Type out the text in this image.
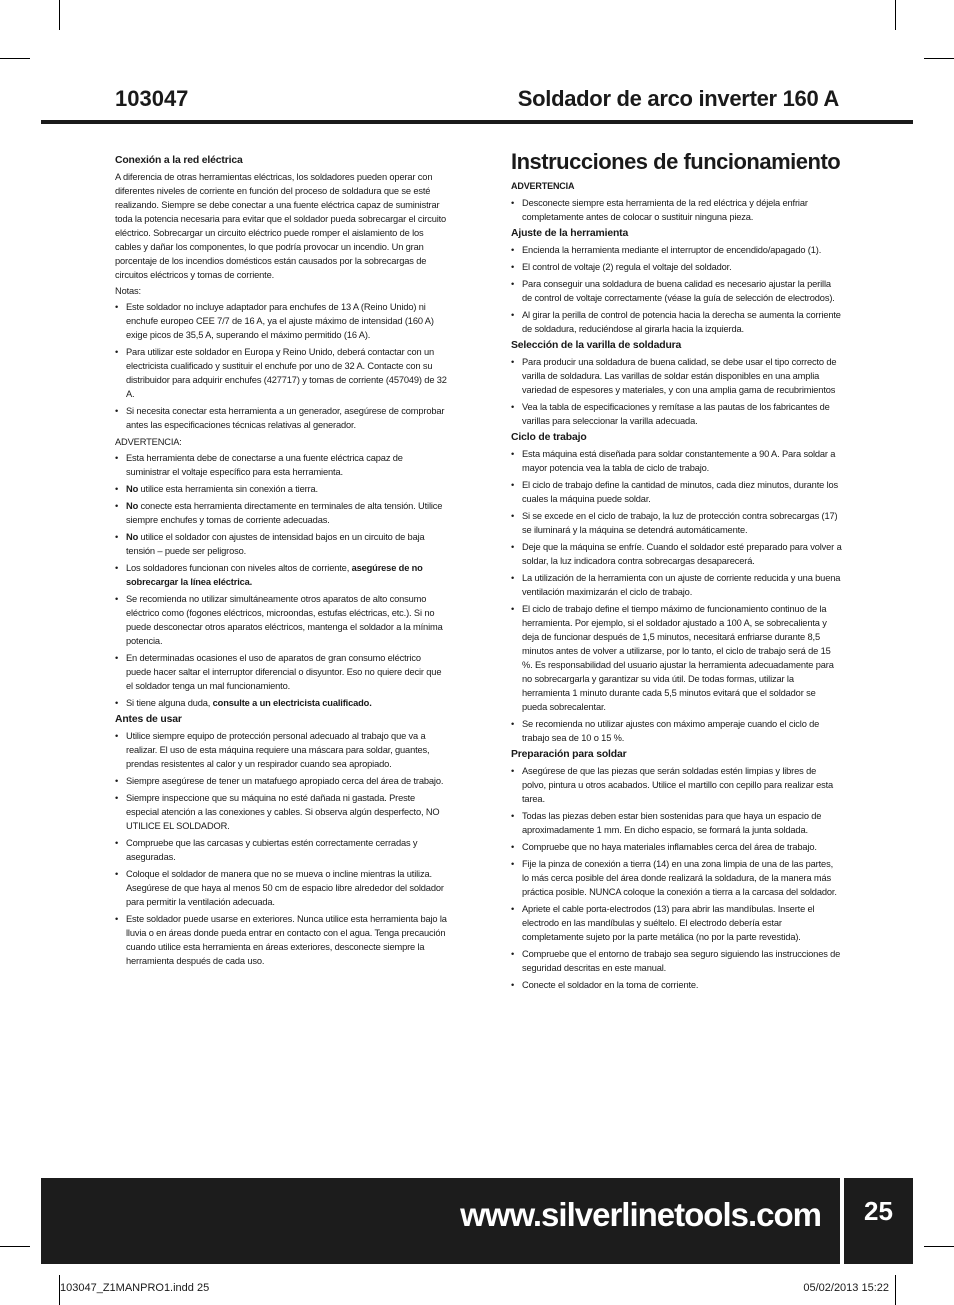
103047	Soldador de arco inverter 160 A
Conexión a la red eléctrica

A diferencia de otras herramientas eléctricas, los soldadores pueden operar con diferentes niveles de corriente en función del proceso de soldadura que se esté realizando. Siempre se debe conectar a una fuente eléctrica capaz de suministrar toda la potencia necesaria para evitar que el soldador pueda sobrecargar el circuito eléctrico. Sobrecargar un circuito eléctrico puede romper el aislamiento de los cables y dañar los componentes, lo que podría provocar un incendio. Un gran porcentaje de los incendios domésticos están causados por la sobrecargas de circuitos eléctricos y tomas de corriente.

Notas:

• Este soldador no incluye adaptador para enchufes de 13 A (Reino Unido) ni enchufe europeo CEE 7/7 de 16 A, ya el ajuste máximo de intensidad (160 A) exige picos de 35,5 A, superando el máximo permitido (16 A).
• Para utilizar este soldador en Europa y Reino Unido, deberá contactar con un electricista cualificado y sustituir el enchufe por uno de 32 A. Contacte con su distribuidor para adquirir enchufes (427717) y tomas de corriente (457049) de 32 A.
• Si necesita conectar esta herramienta a un generador, asegúrese de comprobar antes las especificaciones técnicas relativas al generador.

ADVERTENCIA:

• Esta herramienta debe de conectarse a una fuente eléctrica capaz de suministrar el voltaje específico para esta herramienta.
• No utilice esta herramienta sin conexión a tierra.
• No conecte esta herramienta directamente en terminales de alta tensión. Utilice siempre enchufes y tomas de corriente adecuadas.
• No utilice el soldador con ajustes de intensidad bajos en un circuito de baja tensión – puede ser peligroso.
• Los soldadores funcionan con niveles altos de corriente, asegúrese de no sobrecargar la línea eléctrica.
• Se recomienda no utilizar simultáneamente otros aparatos de alto consumo eléctrico como (fogones eléctricos, microondas, estufas eléctricas, etc.). Si no puede desconectar otros aparatos eléctricos, mantenga el soldador a la mínima potencia.
• En determinadas ocasiones el uso de aparatos de gran consumo eléctrico puede hacer saltar el interruptor diferencial o disyuntor. Eso no quiere decir que el soldador tenga un mal funcionamiento.
• Si tiene alguna duda, consulte a un electricista cualificado.
Antes de usar
• Utilice siempre equipo de protección personal adecuado al trabajo que va a realizar. El uso de esta máquina requiere una máscara para soldar, guantes, prendas resistentes al calor y un respirador cuando sea apropiado.
• Siempre asegúrese de tener un matafuego apropiado cerca del área de trabajo.
• Siempre inspeccione que su máquina no esté dañada ni gastada. Preste especial atención a las conexiones y cables. Si observa algún desperfecto, NO UTILICE EL SOLDADOR.
• Compruebe que las carcasas y cubiertas estén correctamente cerradas y aseguradas.
• Coloque el soldador de manera que no se mueva o incline mientras la utiliza. Asegúrese de que haya al menos 50 cm de espacio libre alrededor del soldador para permitir la ventilación adecuada.
• Este soldador puede usarse en exteriores. Nunca utilice esta herramienta bajo la lluvia o en áreas donde pueda entrar en contacto con el agua. Tenga precaución cuando utilice esta herramienta en áreas exteriores, desconecte siempre la herramienta después de cada uso.
Instrucciones de funcionamiento
ADVERTENCIA
• Desconecte siempre esta herramienta de la red eléctrica y déjela enfriar completamente antes de colocar o sustituir ninguna pieza.
Ajuste de la herramienta
• Encienda la herramienta mediante el interruptor de encendido/apagado (1).
• El control de voltaje (2) regula el voltaje del soldador.
• Para conseguir una soldadura de buena calidad es necesario ajustar la perilla de control de voltaje correctamente (véase la guía de selección de electrodos).
• Al girar la perilla de control de potencia hacia la derecha se aumenta la corriente de soldadura, reduciéndose al girarla hacia la izquierda.
Selección de la varilla de soldadura
• Para producir una soldadura de buena calidad, se debe usar el tipo correcto de varilla de soldadura. Las varillas de soldar están disponibles en una amplia variedad de espesores y materiales, y con una amplia gama de recubrimientos
• Vea la tabla de especificaciones y remítase a las pautas de los fabricantes de varillas para seleccionar la varilla adecuada.
Ciclo de trabajo
• Esta máquina está diseñada para soldar constantemente a 90 A. Para soldar a mayor potencia vea la tabla de ciclo de trabajo.
• El ciclo de trabajo define la cantidad de minutos, cada diez minutos, durante los cuales la máquina puede soldar.
• Si se excede en el ciclo de trabajo, la luz de protección contra sobrecargas (17) se iluminará y la máquina se detendrá automáticamente.
• Deje que la máquina se enfríe. Cuando el soldador esté preparado para volver a soldar, la luz indicadora contra sobrecargas desaparecerá.
• La utilización de la herramienta con un ajuste de corriente reducida y una buena ventilación maximizarán el ciclo de trabajo.
• El ciclo de trabajo define el tiempo máximo de funcionamiento continuo de la herramienta. Por ejemplo, si el soldador ajustado a 100 A, se sobrecalienta y deja de funcionar después de 1,5 minutos, necesitará enfriarse durante 8,5 minutos antes de volver a utilizarse, por lo tanto, el ciclo de trabajo será de 15 %. Es responsabilidad del usuario ajustar la herramienta adecuadamente para no sobrecargarla y garantizar su vida útil. De todas formas, utilizar la herramienta 1 minuto durante cada 5,5 minutos evitará que el soldador se pueda sobrecalentar.
• Se recomienda no utilizar ajustes con máximo amperaje cuando el ciclo de trabajo sea de 10 o 15 %.
Preparación para soldar
• Asegúrese de que las piezas que serán soldadas estén limpias y libres de polvo, pintura u otros acabados. Utilice el martillo con cepillo para realizar esta tarea.
• Todas las piezas deben estar bien sostenidas para que haya un espacio de aproximadamente 1 mm. En dicho espacio, se formará la junta soldada.
• Compruebe que no haya materiales inflamables cerca del área de trabajo.
• Fije la pinza de conexión a tierra (14) en una zona limpia de una de las partes, lo más cerca posible del área donde realizará la soldadura, de la manera más práctica posible. NUNCA coloque la conexión a tierra a la carcasa del soldador.
• Apriete el cable porta-electrodos (13) para abrir las mandíbulas. Inserte el electrodo en las mandíbulas y suéltelo. El electrodo debería estar completamente sujeto por la parte metálica (no por la parte revestida).
• Compruebe que el entorno de trabajo sea seguro siguiendo las instrucciones de seguridad descritas en este manual.
• Conecte el soldador en la toma de corriente.
www.silverlinetools.com	25
103047_Z1MANPRO1.indd 25	05/02/2013 15:22
